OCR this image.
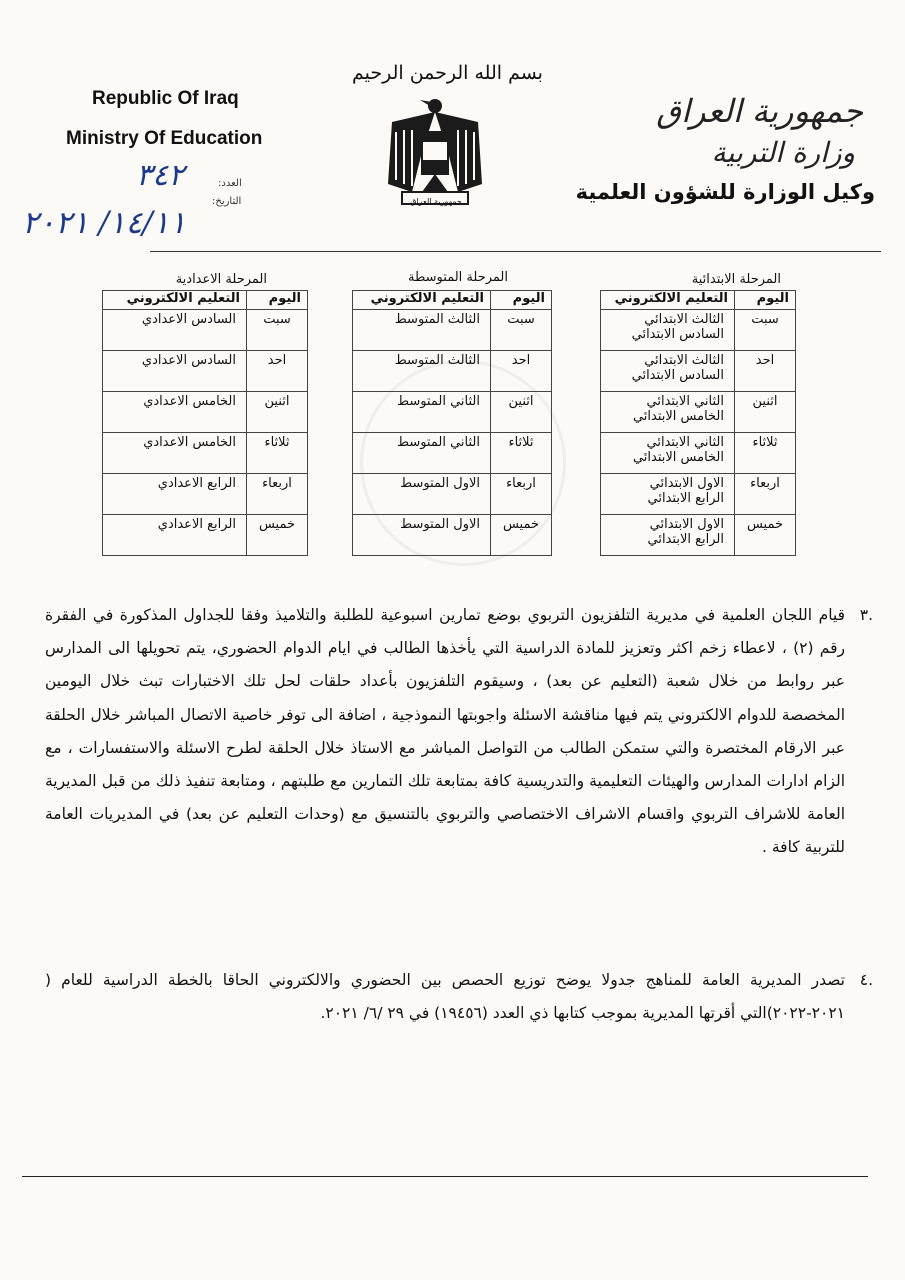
بسم الله الرحمن الرحيم
Republic Of Iraq
Ministry Of Education
جمهورية العراق
وزارة التربية
وكيل الوزارة للشؤون العلمية
جمهورية العراق
العدد:
التاريخ:
٣٤٢
١٤/١١/ ٢٠٢١
المرحلة الابتدائية
المرحلة المتوسطة
المرحلة الاعدادية
اليوم	التعليم الالكتروني
سبت	الثالث الابتدائي
السادس الابتدائي

احد	الثالث الابتدائي
السادس الابتدائي

اثنين	الثاني الابتدائي
الخامس الابتدائي

ثلاثاء	الثاني الابتدائي
الخامس الابتدائي

اربعاء	الاول الابتدائي
الرابع الابتدائي

خميس	الاول الابتدائي
الرابع الابتدائي
اليوم	التعليم الالكتروني
سبت	الثالث المتوسط
احد	الثالث المتوسط
اثنين	الثاني المتوسط
ثلاثاء	الثاني المتوسط
اربعاء	الاول المتوسط
خميس	الاول المتوسط
اليوم	التعليم الالكتروني
سبت	السادس الاعدادي
احد	السادس الاعدادي
اثنين	الخامس الاعدادي
ثلاثاء	الخامس الاعدادي
اربعاء	الرابع الاعدادي
خميس	الرابع الاعدادي
.٣
قيام اللجان العلمية في مديرية التلفزيون التربوي بوضع تمارين اسبوعية للطلبة والتلاميذ وفقا للجداول المذكورة في الفقرة رقم (٢) ، لاعطاء زخم اكثر وتعزيز للمادة الدراسية التي يأخذها الطالب في ايام الدوام الحضوري، يتم تحويلها الى المدارس عبر روابط من خلال شعبة (التعليم عن بعد) ، وسيقوم التلفزيون بأعداد حلقات لحل تلك الاختبارات تبث خلال اليومين المخصصة للدوام الالكتروني يتم فيها مناقشة الاسئلة واجوبتها النموذجية ، اضافة الى توفر خاصية الاتصال المباشر خلال الحلقة عبر الارقام المختصرة والتي ستمكن الطالب من التواصل المباشر مع الاستاذ خلال الحلقة لطرح الاسئلة والاستفسارات ، مع الزام ادارات المدارس والهيئات التعليمية والتدريسية كافة بمتابعة تلك التمارين مع طلبتهم ، ومتابعة تنفيذ ذلك من قبل المديرية العامة للاشراف التربوي واقسام الاشراف الاختصاصي والتربوي بالتنسيق مع (وحدات التعليم عن بعد) في المديريات العامة للتربية كافة .
.٤
تصدر المديرية العامة للمناهج جدولا يوضح توزيع الحصص بين الحضوري والالكتروني الحاقا بالخطة الدراسية للعام ( ٢٠٢١-٢٠٢٢)التي أقرتها المديرية بموجب كتابها ذي العدد (١٩٤٥٦) في ٢٩ /٦/ ٢٠٢١.
